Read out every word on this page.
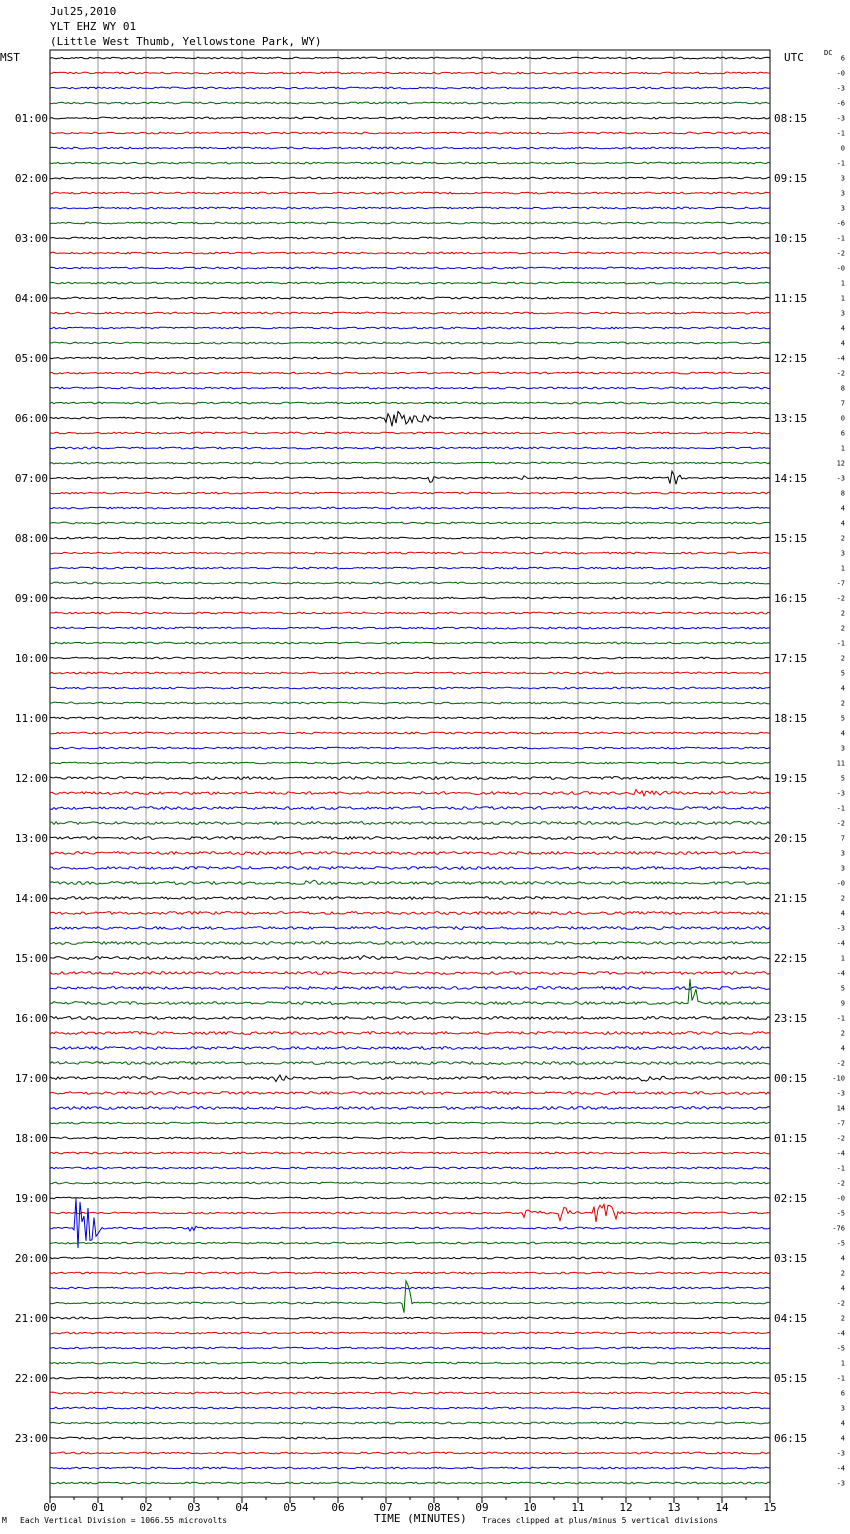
Jul25,2010
YLT EHZ WY 01
(Little West Thumb, Yellowstone Park, WY)
MST	UTC	DC
00	01	02	03	04	05	06	07	08	09	10	11	12	13	14	15
6
-0
-3
-6
-3
-1
0
-1
3
3
3
-6
-1
-2
-0
1
1
3
4
4
-4
-2
8
7
0
6
1
12
-3
8
4
4
2
3
1
-7
-2
2
2
-1
2
5
4
2
5
4
3
11
5
-3
-1
-2
7
3
3
-0
2
4
-3
-4
1
-4
5
9
-1
2
4
-2
-10
-3
14
-7
-2
-4
-1
-2
-0
-5
-76
-5
4
2
4
-2
2
-4
-5
1
-1
6
3
4
4
-3
-4
-3
01:00	08:15
02:00	09:15
03:00	10:15
04:00	11:15
05:00	12:15
06:00	13:15
07:00	14:15
08:00	15:15
09:00	16:15
10:00	17:15
11:00	18:15
12:00	19:15
13:00	20:15
14:00	21:15
15:00	22:15
16:00	23:15
17:00	00:15
18:00	01:15
19:00	02:15
20:00	03:15
21:00	04:15
22:00	05:15
23:00	06:15
M Each Vertical Division = 1066.55 microvolts	TIME (MINUTES) Traces clipped at plus/minus 5 vertical divisions
